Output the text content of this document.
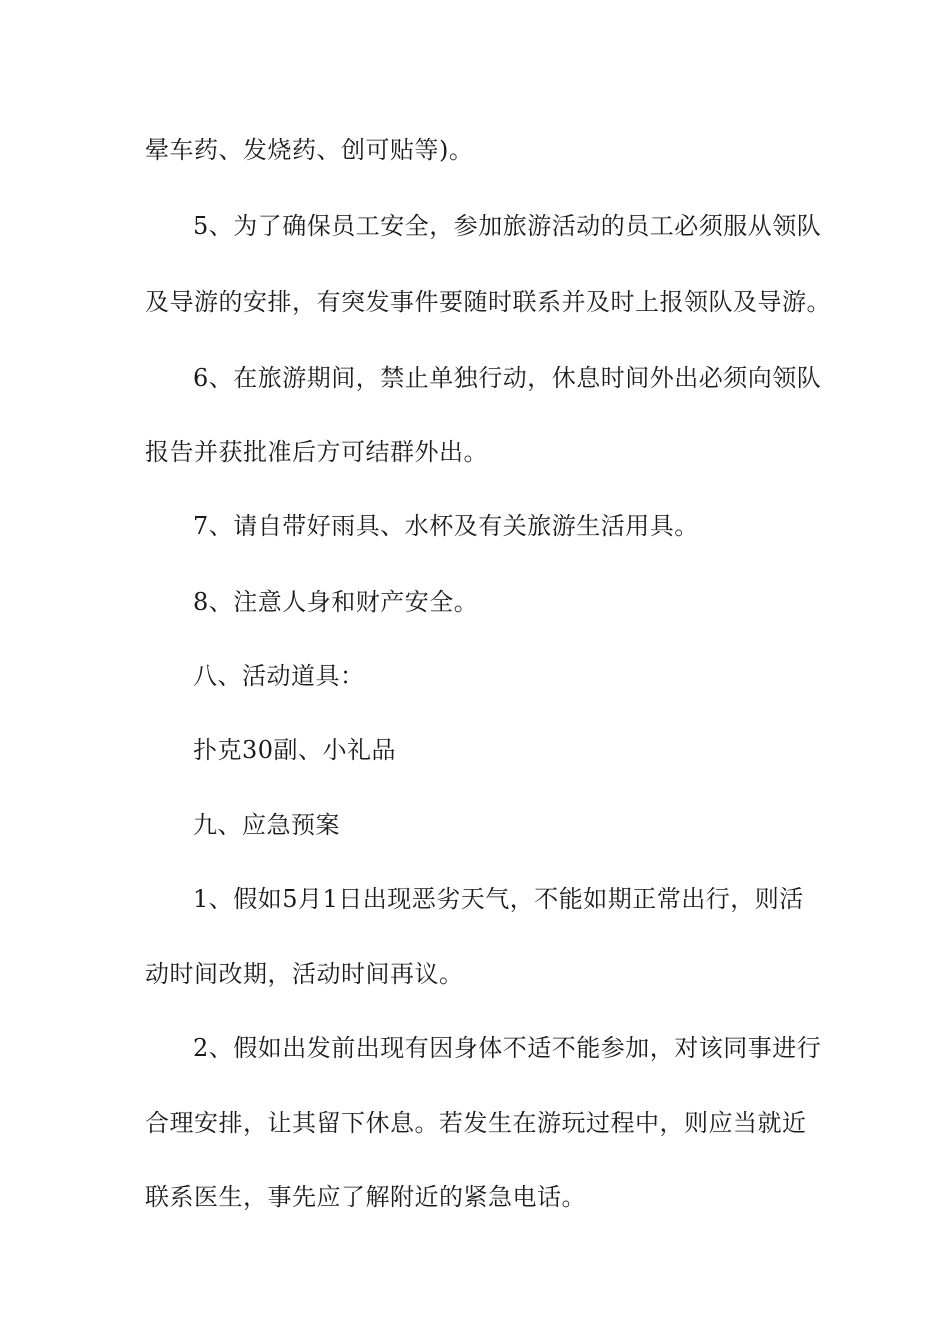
晕车药、发烧药、创可贴等)。
5、为了确保员工安全，参加旅游活动的员工必须服从领队
及导游的安排，有突发事件要随时联系并及时上报领队及导游。
6、在旅游期间，禁止单独行动，休息时间外出必须向领队
报告并获批准后方可结群外出。
7、请自带好雨具、水杯及有关旅游生活用具。
8、注意人身和财产安全。
八、活动道具：
扑克30副、小礼品
九、应急预案
1、假如5月1日出现恶劣天气，不能如期正常出行，则活
动时间改期，活动时间再议。
2、假如出发前出现有因身体不适不能参加，对该同事进行
合理安排，让其留下休息。若发生在游玩过程中，则应当就近
联系医生，事先应了解附近的紧急电话。
